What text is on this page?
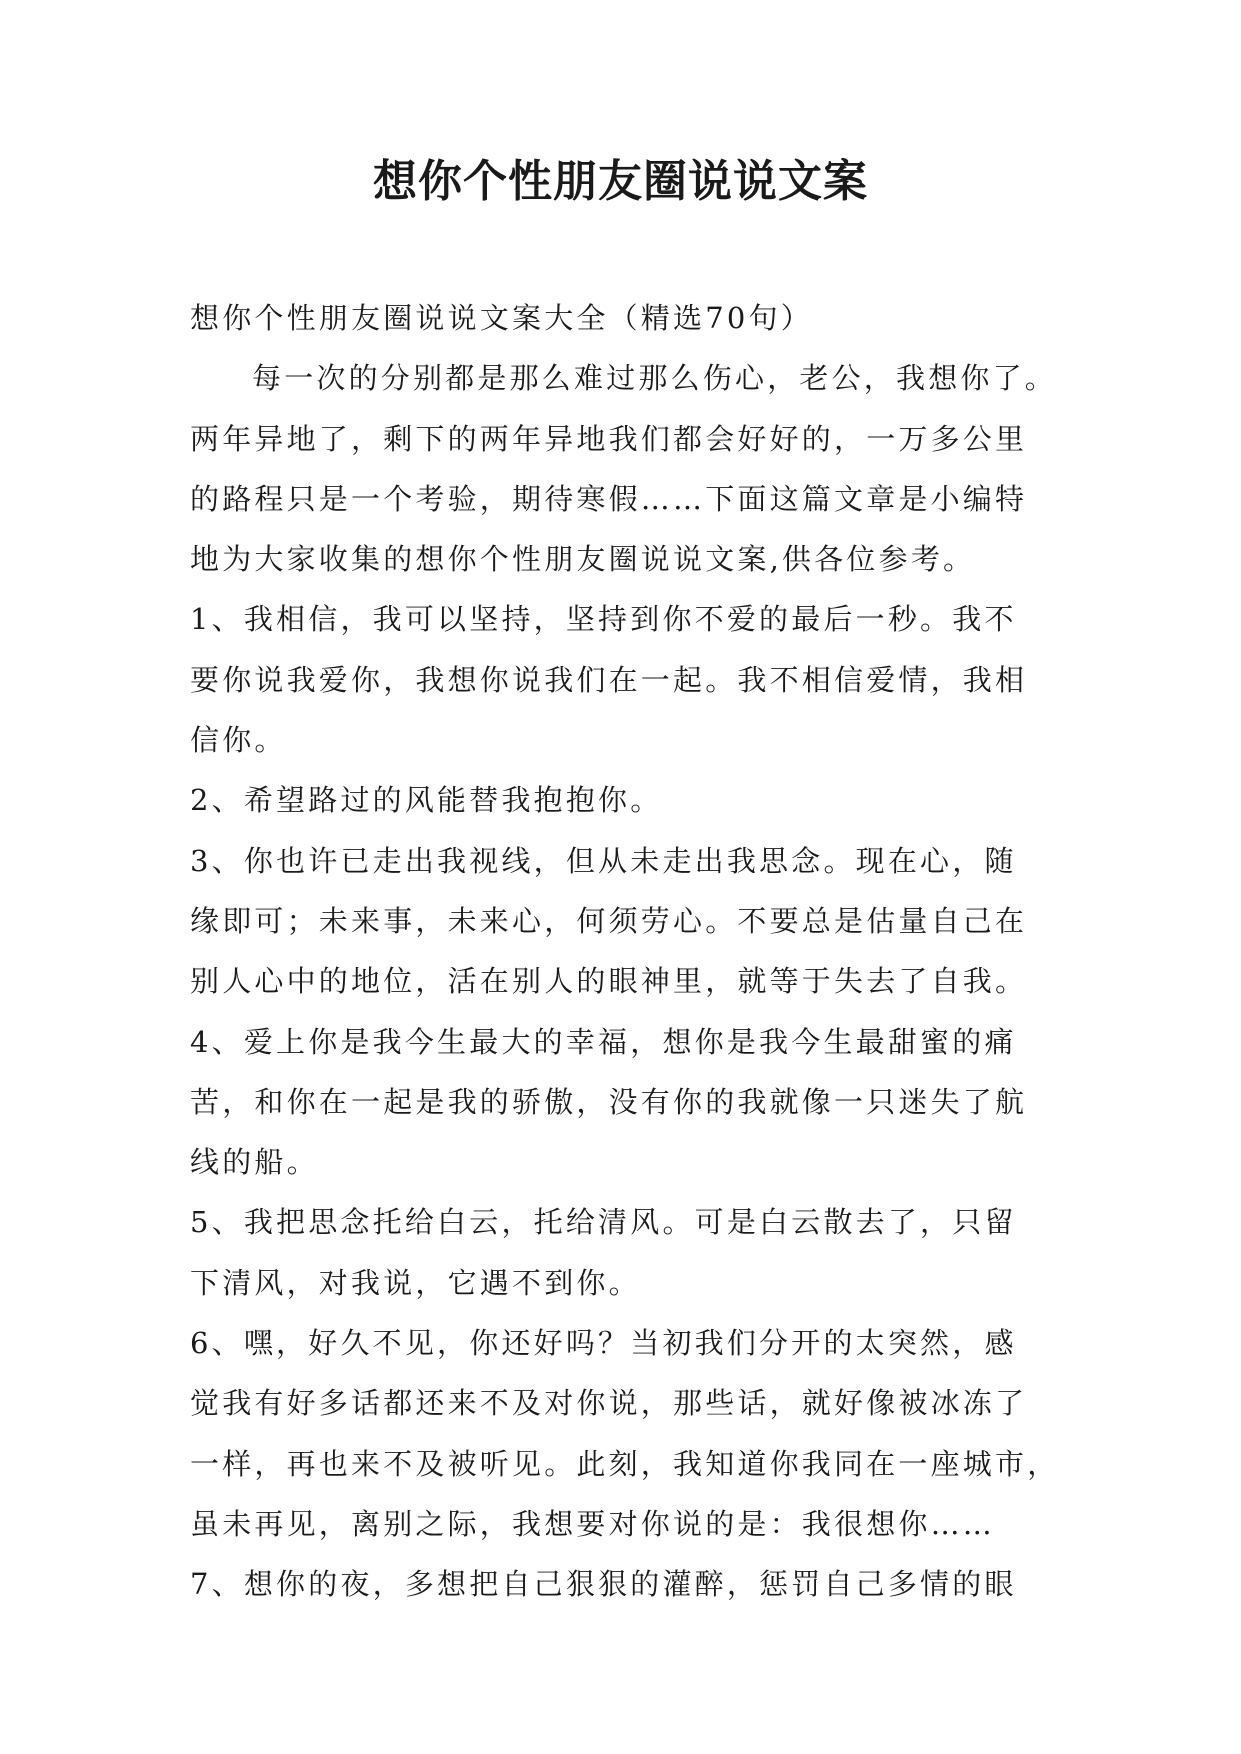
想你个性朋友圈说说文案
想你个性朋友圈说说文案大全（精选70句）
每一次的分别都是那么难过那么伤心，老公，我想你了。
两年异地了，剩下的两年异地我们都会好好的，一万多公里
的路程只是一个考验，期待寒假……下面这篇文章是小编特
地为大家收集的想你个性朋友圈说说文案,供各位参考。
1、我相信，我可以坚持，坚持到你不爱的最后一秒。我不
要你说我爱你，我想你说我们在一起。我不相信爱情，我相
信你。
2、希望路过的风能替我抱抱你。
3、你也许已走出我视线，但从未走出我思念。现在心，随
缘即可；未来事，未来心，何须劳心。不要总是估量自己在
别人心中的地位，活在别人的眼神里，就等于失去了自我。
4、爱上你是我今生最大的幸福，想你是我今生最甜蜜的痛
苦，和你在一起是我的骄傲，没有你的我就像一只迷失了航
线的船。
5、我把思念托给白云，托给清风。可是白云散去了，只留
下清风，对我说，它遇不到你。
6、嘿，好久不见，你还好吗？当初我们分开的太突然，感
觉我有好多话都还来不及对你说，那些话，就好像被冰冻了
一样，再也来不及被听见。此刻，我知道你我同在一座城市，
虽未再见，离别之际，我想要对你说的是：我很想你……
7、想你的夜，多想把自己狠狠的灌醉，惩罚自己多情的眼
